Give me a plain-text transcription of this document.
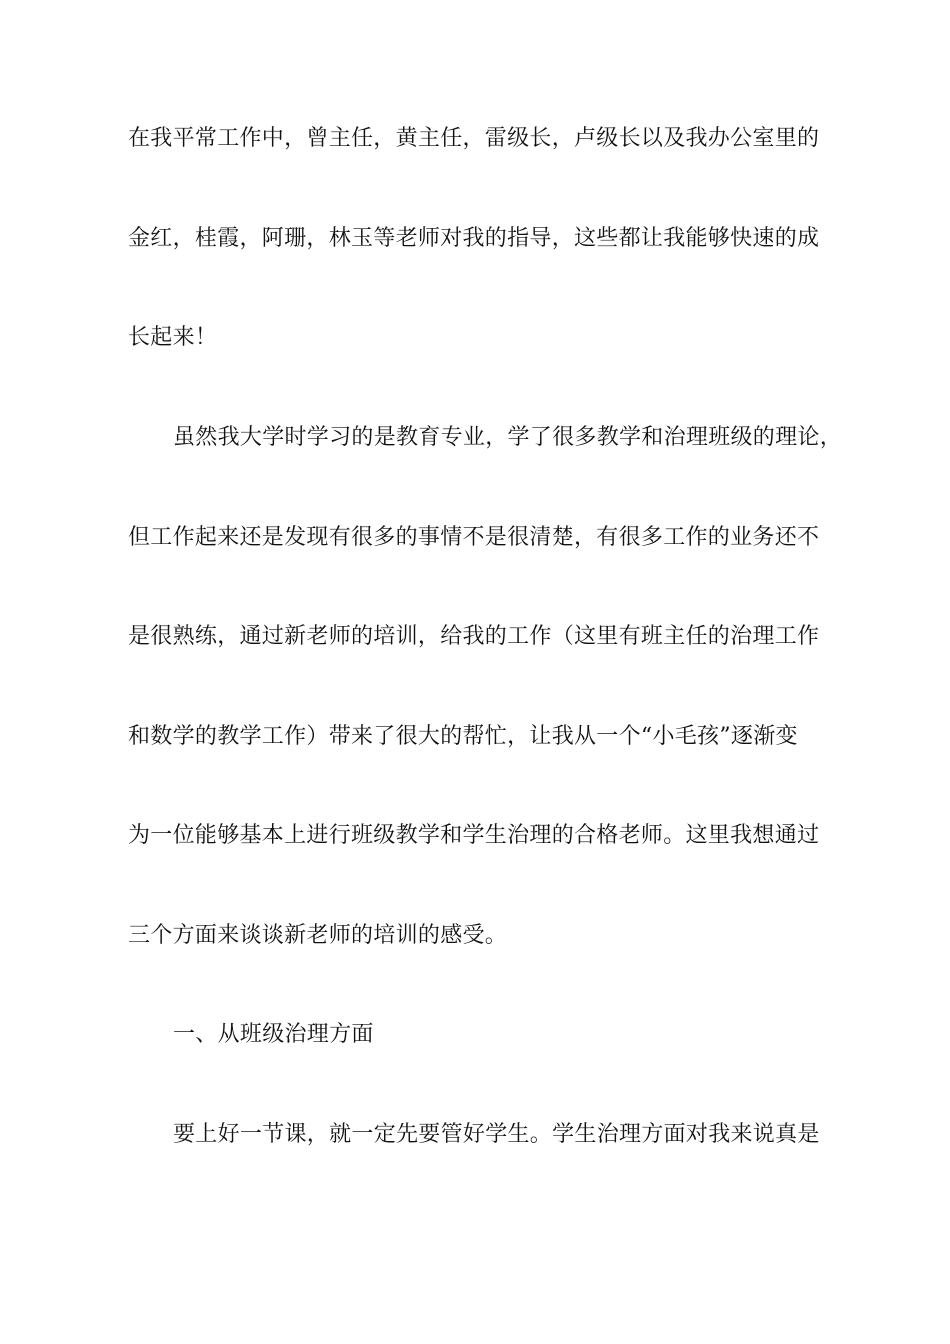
在我平常工作中，曾主任，黄主任，雷级长，卢级长以及我办公室里的
金红，桂霞，阿珊，林玉等老师对我的指导，这些都让我能够快速的成
长起来！
虽然我大学时学习的是教育专业，学了很多教学和治理班级的理论，
但工作起来还是发现有很多的事情不是很清楚，有很多工作的业务还不
是很熟练，通过新老师的培训，给我的工作（这里有班主任的治理工作
和数学的教学工作）带来了很大的帮忙，让我从一个“小毛孩”逐渐变
为一位能够基本上进行班级教学和学生治理的合格老师。这里我想通过
三个方面来谈谈新老师的培训的感受。
一、从班级治理方面
要上好一节课，就一定先要管好学生。学生治理方面对我来说真是
